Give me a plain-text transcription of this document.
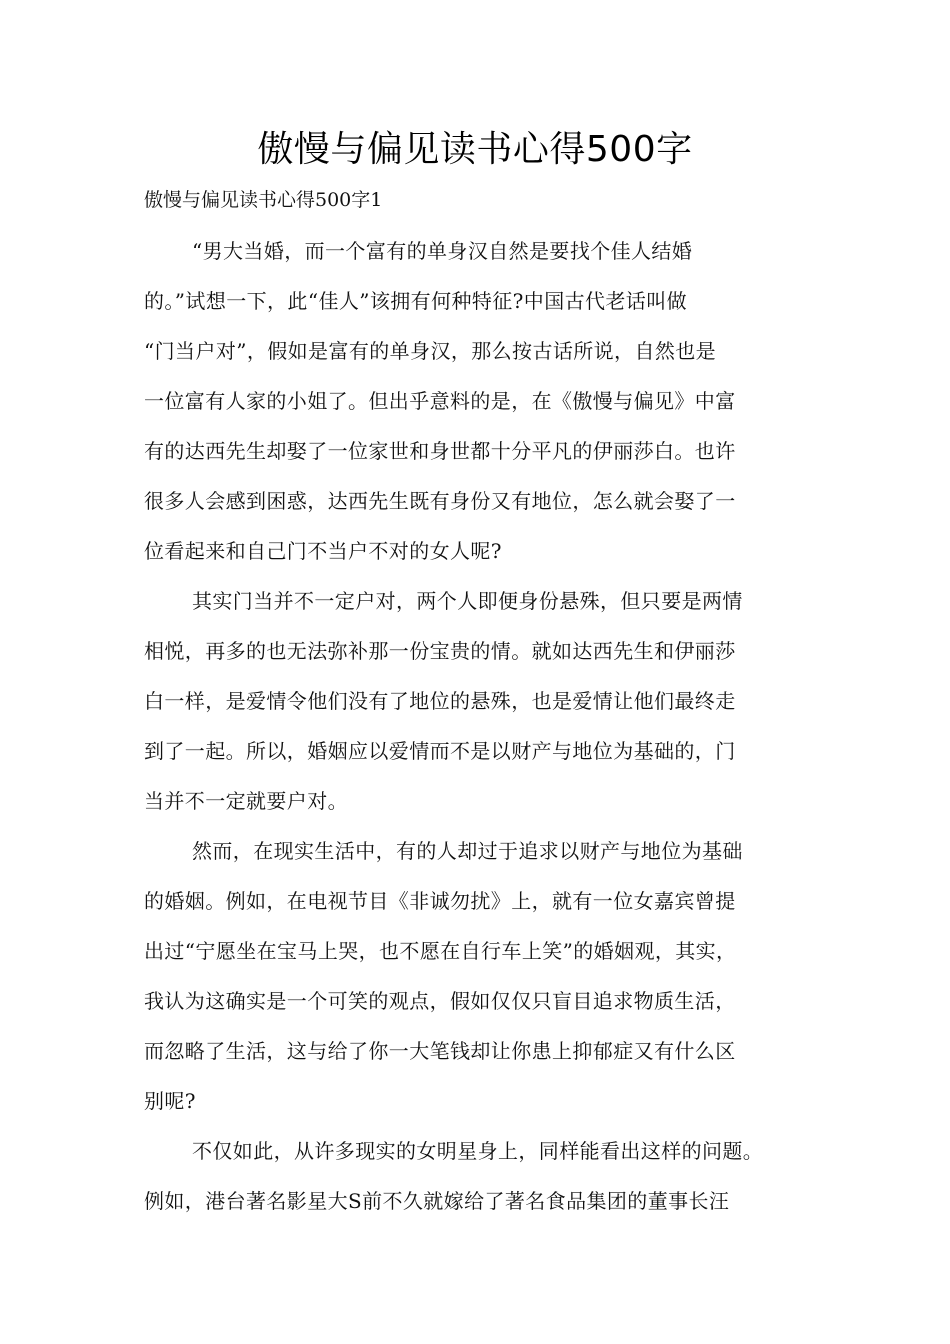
傲慢与偏见读书心得500字
傲慢与偏见读书心得500字1
“男大当婚，而一个富有的单身汉自然是要找个佳人结婚
的。”试想一下，此“佳人”该拥有何种特征?中国古代老话叫做
“门当户对”，假如是富有的单身汉，那么按古话所说，自然也是
一位富有人家的小姐了。但出乎意料的是，在《傲慢与偏见》中富
有的达西先生却娶了一位家世和身世都十分平凡的伊丽莎白。也许
很多人会感到困惑，达西先生既有身份又有地位，怎么就会娶了一
位看起来和自己门不当户不对的女人呢?
其实门当并不一定户对，两个人即便身份悬殊，但只要是两情
相悦，再多的也无法弥补那一份宝贵的情。就如达西先生和伊丽莎
白一样，是爱情令他们没有了地位的悬殊，也是爱情让他们最终走
到了一起。所以，婚姻应以爱情而不是以财产与地位为基础的，门
当并不一定就要户对。
然而，在现实生活中，有的人却过于追求以财产与地位为基础
的婚姻。例如，在电视节目《非诚勿扰》上，就有一位女嘉宾曾提
出过“宁愿坐在宝马上哭，也不愿在自行车上笑”的婚姻观，其实，
我认为这确实是一个可笑的观点，假如仅仅只盲目追求物质生活，
而忽略了生活，这与给了你一大笔钱却让你患上抑郁症又有什么区
别呢?
不仅如此，从许多现实的女明星身上，同样能看出这样的问题。
例如，港台著名影星大S前不久就嫁给了著名食品集团的董事长汪
